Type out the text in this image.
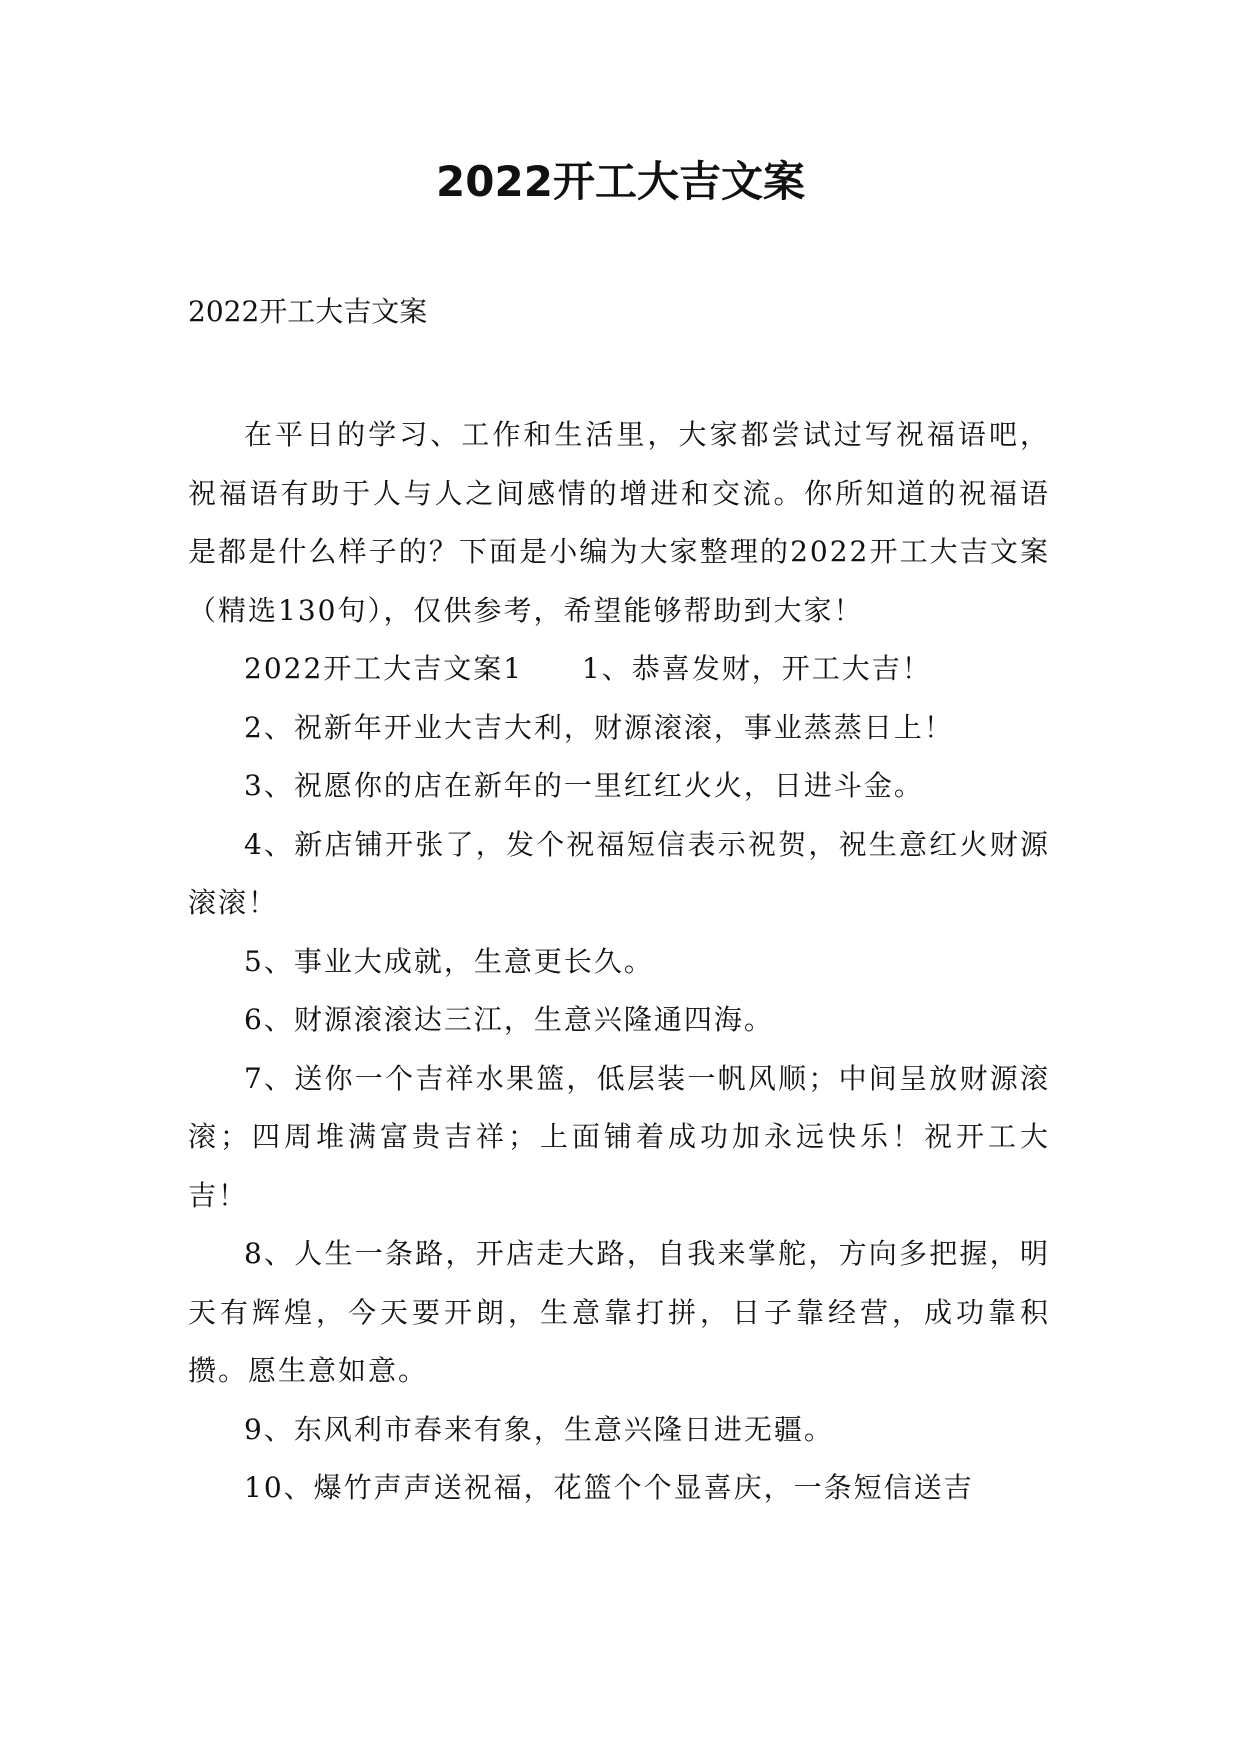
2022开工大吉文案

2022开工大吉文案

在平日的学习、工作和生活里，大家都尝试过写祝福语吧，祝福语有助于人与人之间感情的增进和交流。你所知道的祝福语是都是什么样子的？下面是小编为大家整理的2022开工大吉文案（精选130句），仅供参考，希望能够帮助到大家！

2022开工大吉文案1 1、恭喜发财，开工大吉！

2、祝新年开业大吉大利，财源滚滚，事业蒸蒸日上！

3、祝愿你的店在新年的一里红红火火，日进斗金。

4、新店铺开张了，发个祝福短信表示祝贺，祝生意红火财源滚滚！

5、事业大成就，生意更长久。

6、财源滚滚达三江，生意兴隆通四海。

7、送你一个吉祥水果篮，低层装一帆风顺；中间呈放财源滚滚；四周堆满富贵吉祥；上面铺着成功加永远快乐！祝开工大吉！

8、人生一条路，开店走大路，自我来掌舵，方向多把握，明天有辉煌，今天要开朗，生意靠打拼，日子靠经营，成功靠积攒。愿生意如意。

9、东风利市春来有象，生意兴隆日进无疆。

10、爆竹声声送祝福，花篮个个显喜庆，一条短信送吉
